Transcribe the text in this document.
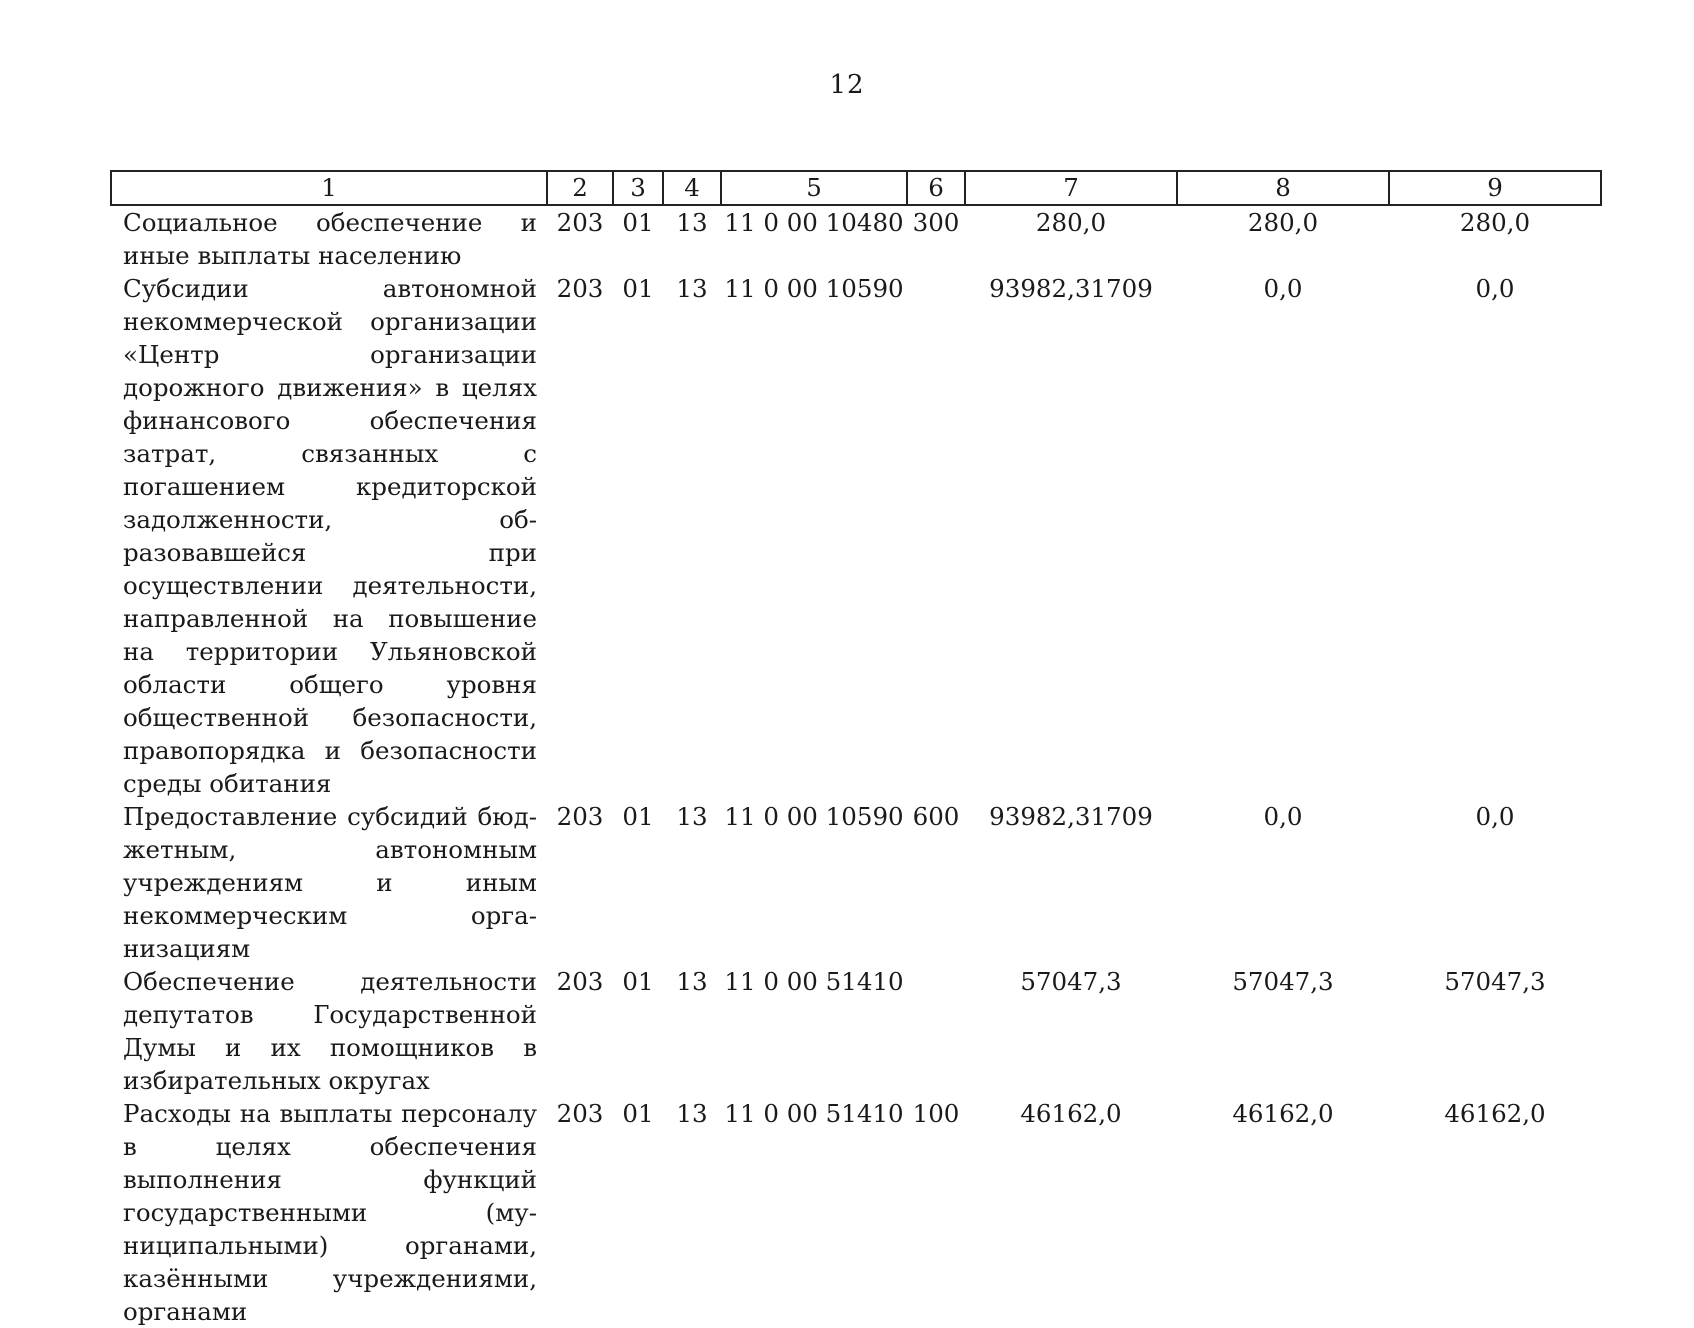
12
1	2	3	4	5	6	7	8	9
Социальное обеспечение и иные выплаты населению	203	01	13	11 0 00 10480	300	280,0	280,0	280,0
Субсидии автономной некоммерческой организации «Центр организации дорожного движения» в целях финансового обеспечения затрат, связанных с погашением кредиторской задолженности, образовавшейся при осуществлении деятельности, направленной на повышение на территории Ульяновской области общего уровня общественной безопасности, правопорядка и безопасности среды обитания	203	01	13	11 0 00 10590		93982,31709	0,0	0,0
Предоставление субсидий бюджетным, автономным учреждениям и иным некоммерческим организациям	203	01	13	11 0 00 10590	600	93982,31709	0,0	0,0
Обеспечение деятельности депутатов Государственной Думы и их помощников в избирательных округах	203	01	13	11 0 00 51410		57047,3	57047,3	57047,3
Расходы на выплаты персоналу в целях обеспечения выполнения функций государственными (муниципальными) органами, казёнными учреждениями, органами	203	01	13	11 0 00 51410	100	46162,0	46162,0	46162,0
